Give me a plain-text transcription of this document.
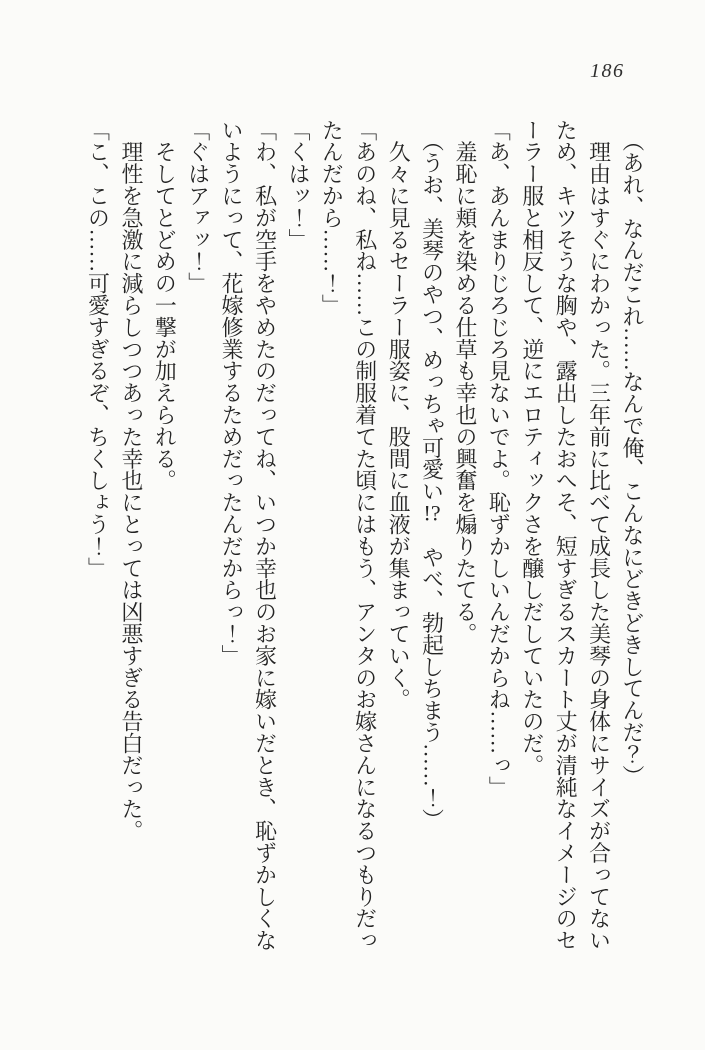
186
　（あれ、なんだこれ……なんで俺、こんなにどきどきしてんだ？）
　理由はすぐにわかった。三年前に比べて成長した美琴の身体にサイズが合ってない
ため、キツそうな胸や、露出したおへそ、短すぎるスカート丈が清純なイメージのセ
ーラー服と相反して、逆にエロティックさを醸しだしていたのだ。
「あ、あんまりじろじろ見ないでよ。恥ずかしいんだからね……っ」
　羞恥に頬を染める仕草も幸也の興奮を煽りたてる。
　（うお、美琴のやつ、めっちゃ可愛い!?　やべ、勃起しちまう……！）
　久々に見るセーラー服姿に、股間に血液が集まっていく。
「あのね、私ね……この制服着てた頃にはもう、アンタのお嫁さんになるつもりだっ
たんだから……！」
「くはッ！」
「わ、私が空手をやめたのだってね、いつか幸也のお家に嫁いだとき、恥ずかしくな
いようにって、花嫁修業するためだったんだからっ！」
「ぐはアァッ！」
　そしてとどめの一撃が加えられる。
　理性を急激に減らしつつあった幸也にとっては凶悪すぎる告白だった。
「こ、この……可愛すぎるぞ、ちくしょう！」
